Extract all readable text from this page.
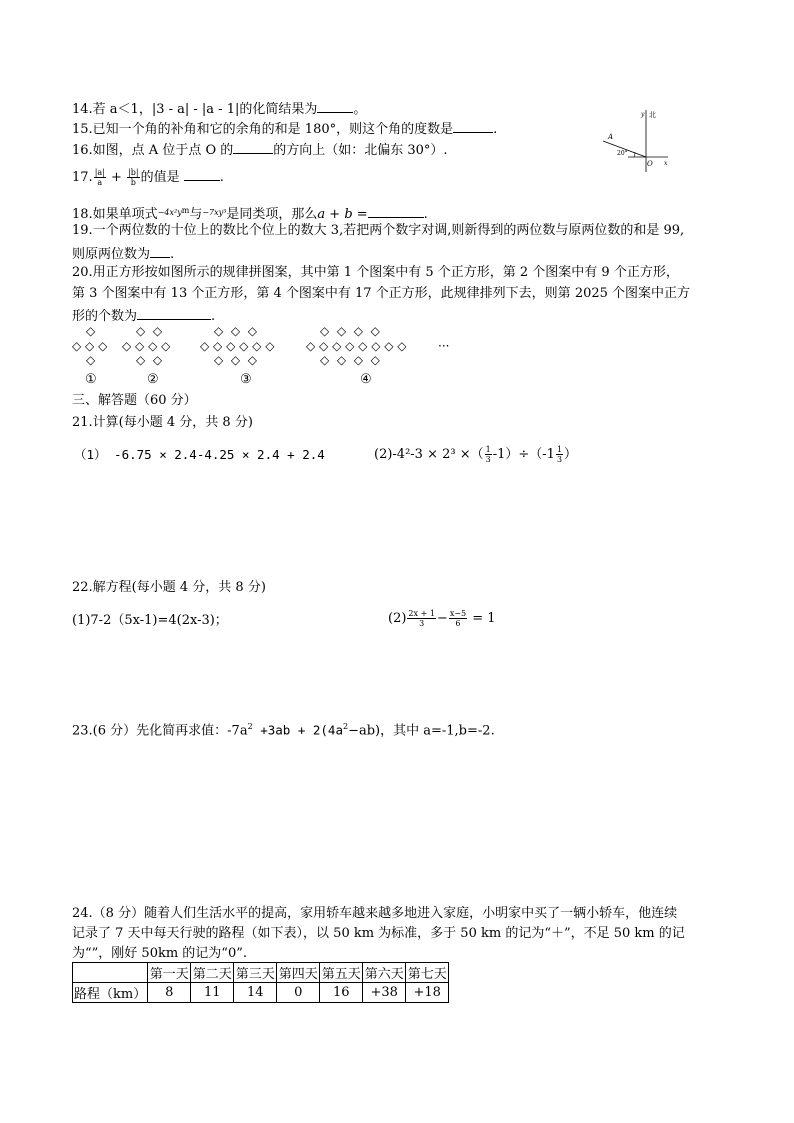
14.若 a＜1，|3 - a| - |a - 1|的化简结果为	。
15.已知一个角的补角和它的余角的和是 180°，则这个角的度数是	.
16.如图，点 A 位于点 O 的	的方向上（如：北偏东 30°）.
y 北
x
O
A
20°
17. $\frac{|a|}{a} + \frac{|b|}{b}$ 的值是	.
18.如果单项式$^{-4x^2ym}$与$^{-7xy^3}$是同类项，那么a + b =	.
19.一个两位数的十位上的数比个位上的数大 3,若把两个数字对调,则新得到的两位数与原两位数的和是 99,
则原两位数为 .
20.用正方形按如图所示的规律拼图案，其中第 1 个图案中有 5 个正方形，第 2 个图案中有 9 个正方形，
第 3 个图案中有 13 个正方形，第 4 个图案中有 17 个正方形，此规律排列下去，则第 2025 个图案中正方
形的个数为	.
◇
◇ ◇ ◇
◇
◇  ◇
◇ ◇ ◇ ◇
◇  ◇
◇  ◇  ◇
◇ ◇ ◇ ◇ ◇ ◇
◇  ◇  ◇
◇  ◇  ◇  ◇
◇ ◇ ◇ ◇ ◇ ◇ ◇ ◇
◇  ◇  ◇  ◇
···
①	②	③	④
三、解答题（60 分）
21.计算(每小题 4 分，共 8 分)
（1） -6.75 × 2.4-4.25 × 2.4 + 2.4	(2)-4²-3 × 2³ ×（ $\frac{1}{3} -1)\div(-1 \frac{1}{3}$ ）
22.解方程(每小题 4 分，共 8 分)
(1)7-2（5x-1)=4(2x-3)；	$(2) \frac{2x + 1}{3} - \frac{x-5}{6} = 1$
23.(6 分）先化简再求值：$-7a^2 +3ab + 2(4a^2-ab)$，其中 a=-1,b=-2.
24.（8 分）随着人们生活水平的提高，家用轿车越来越多地进入家庭，小明家中买了一辆小轿车，他连续
记录了 7 天中每天行驶的路程（如下表），以 50 km 为标准，多于 50 km 的记为“＋”，不足 50 km 的记
为“”，刚好 50km 的记为“0”.
	第一天	第二天	第三天	第四天	第五天	第六天	第七天
路程（km）	8	11	14	0	16	+38	+18
